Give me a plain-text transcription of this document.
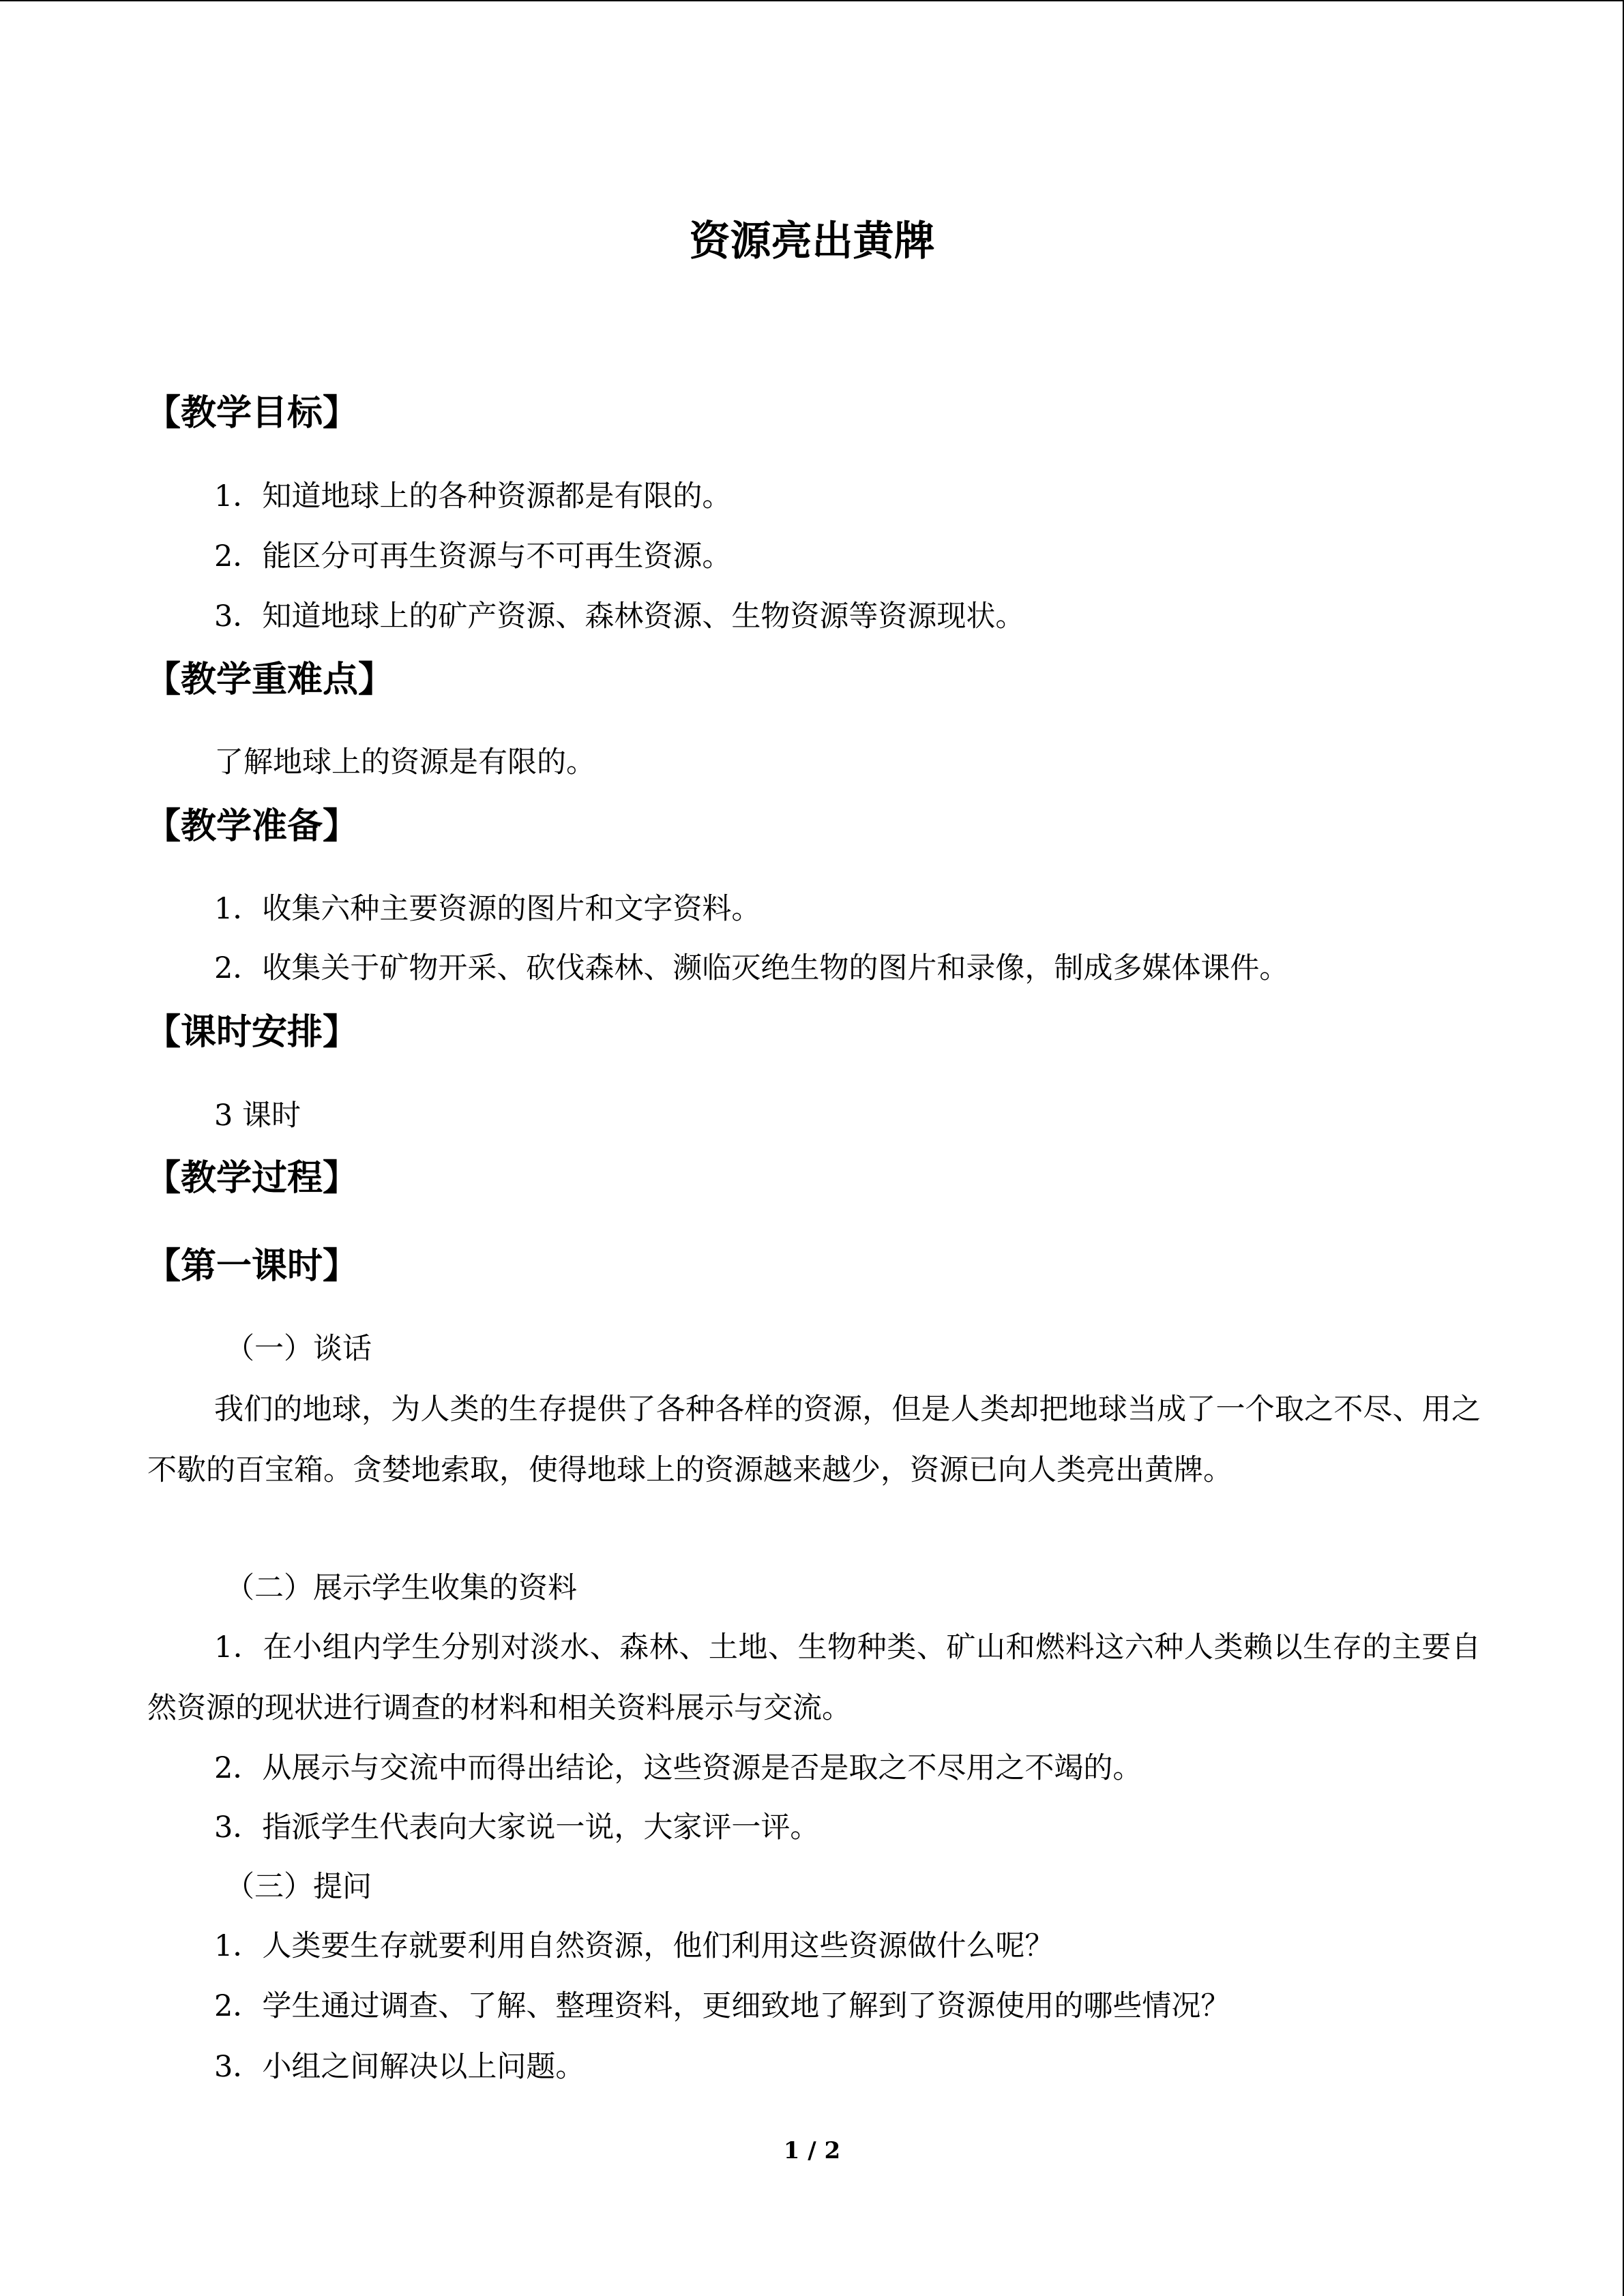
资源亮出黄牌
【教学目标】
1．知道地球上的各种资源都是有限的。
2．能区分可再生资源与不可再生资源。
3．知道地球上的矿产资源、森林资源、生物资源等资源现状。
【教学重难点】
了解地球上的资源是有限的。
【教学准备】
1．收集六种主要资源的图片和文字资料。
2．收集关于矿物开采、砍伐森林、濒临灭绝生物的图片和录像，制成多媒体课件。
【课时安排】
3 课时
【教学过程】
【第一课时】
（一）谈话
我们的地球，为人类的生存提供了各种各样的资源，但是人类却把地球当成了一个取之不尽、用之不歇的百宝箱。贪婪地索取，使得地球上的资源越来越少，资源已向人类亮出黄牌。
（二）展示学生收集的资料
1．在小组内学生分别对淡水、森林、土地、生物种类、矿山和燃料这六种人类赖以生存的主要自然资源的现状进行调查的材料和相关资料展示与交流。
2．从展示与交流中而得出结论，这些资源是否是取之不尽用之不竭的。
3．指派学生代表向大家说一说，大家评一评。
（三）提问
1．人类要生存就要利用自然资源，他们利用这些资源做什么呢？
2．学生通过调查、了解、整理资料，更细致地了解到了资源使用的哪些情况？
3．小组之间解决以上问题。
1 / 2
